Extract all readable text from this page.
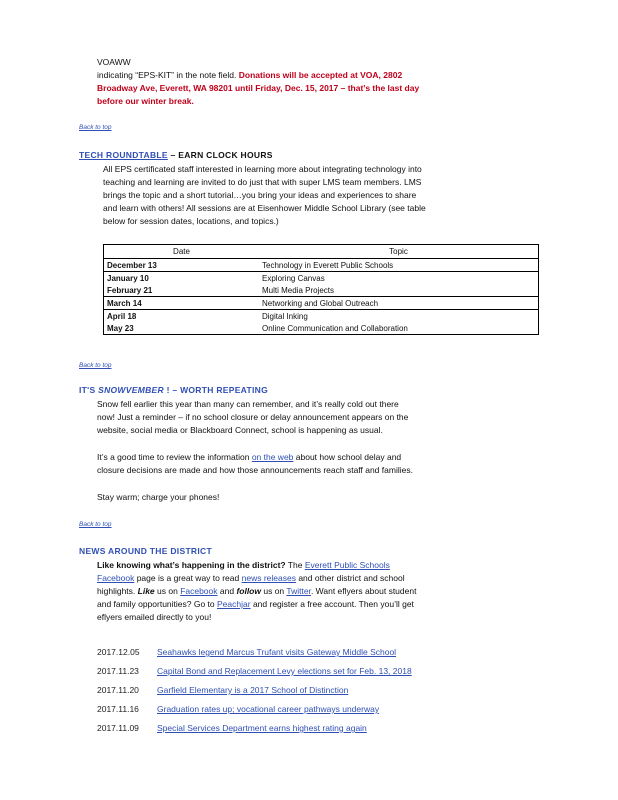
VOAWW

indicating “EPS-KIT” in the note field. Donations will be accepted at VOA, 2802

Broadway Ave, Everett, WA 98201 until Friday, Dec. 15, 2017 – that’s the last day

before our winter break.

Back to top
TECH ROUNDTABLE – EARN CLOCK HOURS

All EPS certificated staff interested in learning more about integrating technology into

teaching and learning are invited to do just that with super LMS team members. LMS

brings the topic and a short tutorial…you bring your ideas and experiences to share

and learn with others! All sessions are at Eisenhower Middle School Library (see table

below for session dates, locations, and topics.)

Date	Topic
December 13	Technology in Everett Public Schools
January 10	Exploring Canvas
February 21	Multi Media Projects
March 14	Networking and Global Outreach
April 18	Digital Inking
May 23	Online Communication and Collaboration
Back to top
IT'S SNOWVEMBER ! – WORTH REPEATING

Snow fell earlier this year than many can remember, and it’s really cold out there

now! Just a reminder – if no school closure or delay announcement appears on the

website, social media or Blackboard Connect, school is happening as usual.

It’s a good time to review the information on the web about how school delay and

closure decisions are made and how those announcements reach staff and families.

Stay warm; charge your phones!

Back to top
NEWS AROUND THE DISTRICT

Like knowing what’s happening in the district? The Everett Public Schools

Facebook page is a great way to read news releases and other district and school

highlights. Like us on Facebook and follow us on Twitter. Want eflyers about student

and family opportunities? Go to Peachjar and register a free account. Then you’ll get

eflyers emailed directly to you!

2017.12.05 Seahawks legend Marcus Trufant visits Gateway Middle School
2017.11.23 Capital Bond and Replacement Levy elections set for Feb. 13, 2018
2017.11.20 Garfield Elementary is a 2017 School of Distinction
2017.11.16 Graduation rates up; vocational career pathways underway
2017.11.09 Special Services Department earns highest rating again
